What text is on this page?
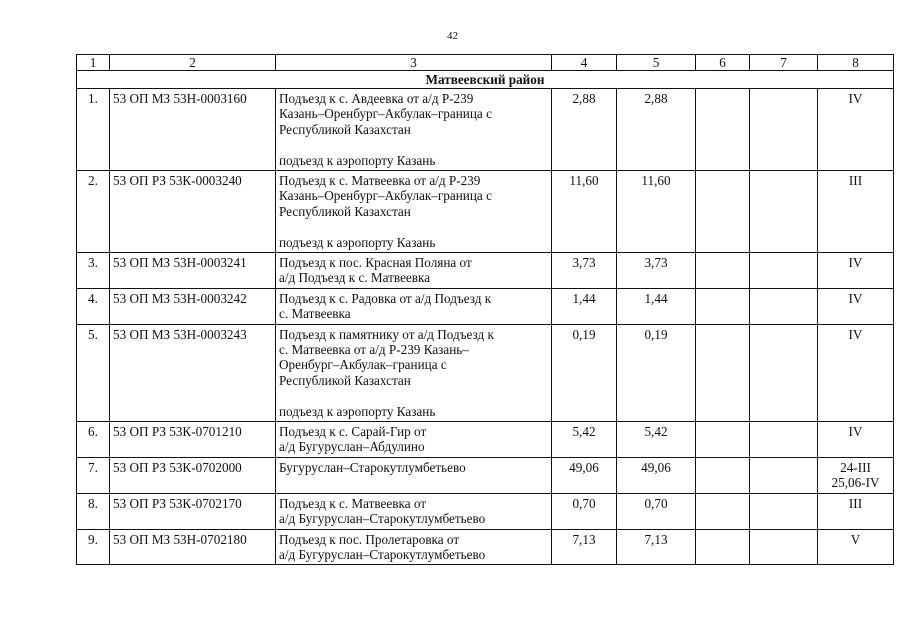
42
1	2	3	4	5	6	7	8
Матвеевский район							
1.	53 ОП МЗ 53Н-0003160	Подъезд к с. Авдеевка от а/д Р-239
Казань–Оренбург–Акбулак–граница с
Республикой Казахстан
подъезд к аэропорту Казань	2,88	2,88			IV

2.	53 ОП РЗ 53К-0003240	Подъезд к с. Матвеевка от а/д Р-239
Казань–Оренбург–Акбулак–граница с
Республикой Казахстан
подъезд к аэропорту Казань	11,60	11,60			III

3.	53 ОП МЗ 53Н-0003241	Подъезд к пос. Красная Поляна от
а/д Подъезд к с. Матвеевка	3,73	3,73			IV

4.	53 ОП МЗ 53Н-0003242	Подъезд к с. Радовка от а/д Подъезд к
с. Матвеевка	1,44	1,44			IV

5.	53 ОП МЗ 53Н-0003243	Подъезд к памятнику от а/д Подъезд к
с. Матвеевка от а/д Р-239 Казань–
Оренбург–Акбулак–граница с
Республикой Казахстан
подъезд к аэропорту Казань	0,19	0,19			IV

6.	53 ОП РЗ 53К-0701210	Подъезд к с. Сарай-Гир от
а/д Бугуруслан–Абдулино	5,42	5,42			IV

7.	53 ОП РЗ 53К-0702000	Бугуруслан–Старокутлумбетьево	49,06	49,06			24-III
25,06-IV

8.	53 ОП РЗ 53К-0702170	Подъезд к с. Матвеевка от
а/д Бугуруслан–Старокутлумбетьево	0,70	0,70			III

9.	53 ОП МЗ 53Н-0702180	Подъезд к пос. Пролетаровка от
а/д Бугуруслан–Старокутлумбетьево	7,13	7,13			V
